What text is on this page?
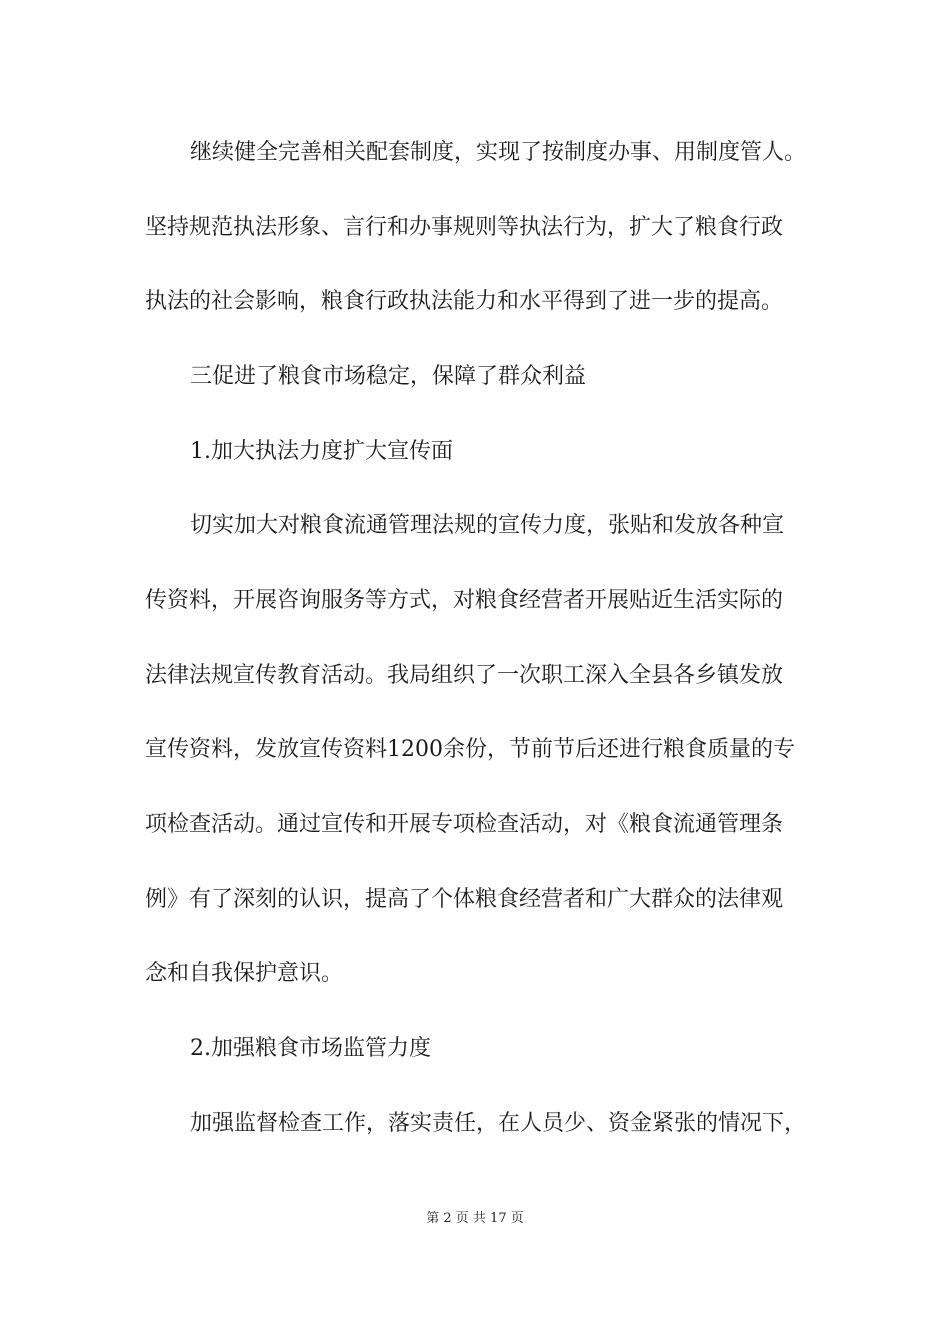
继续健全完善相关配套制度，实现了按制度办事、用制度管人。
坚持规范执法形象、言行和办事规则等执法行为，扩大了粮食行政
执法的社会影响，粮食行政执法能力和水平得到了进一步的提高。
三促进了粮食市场稳定，保障了群众利益
1.加大执法力度扩大宣传面
切实加大对粮食流通管理法规的宣传力度，张贴和发放各种宣
传资料，开展咨询服务等方式，对粮食经营者开展贴近生活实际的
法律法规宣传教育活动。我局组织了一次职工深入全县各乡镇发放
宣传资料，发放宣传资料1200余份，节前节后还进行粮食质量的专
项检查活动。通过宣传和开展专项检查活动，对《粮食流通管理条
例》有了深刻的认识，提高了个体粮食经营者和广大群众的法律观
念和自我保护意识。
2.加强粮食市场监管力度
加强监督检查工作，落实责任，在人员少、资金紧张的情况下，
第 2 页 共 17 页
